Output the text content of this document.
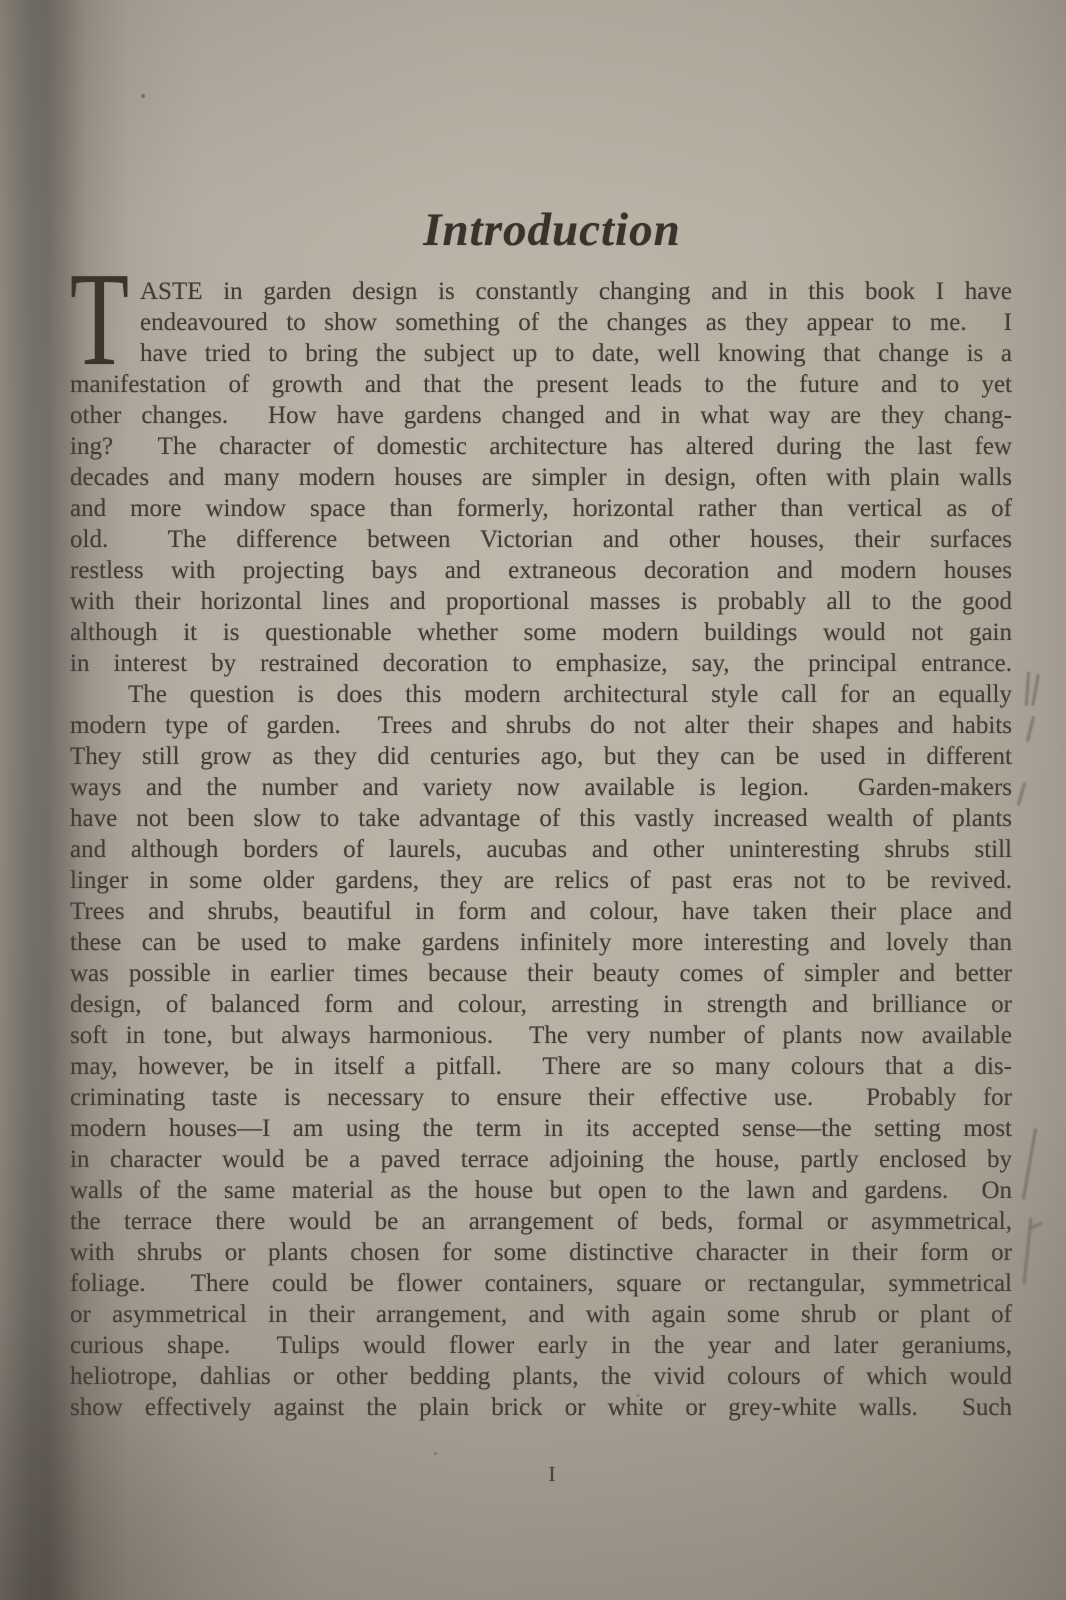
Introduction
T ASTE in garden design is constantly changing and in this book I have
endeavoured to show something of the changes as they appear to me.  I
have tried to bring the subject up to date, well knowing that change is a
manifestation of growth and that the present leads to the future and to yet
other changes.  How have gardens changed and in what way are they chang-
ing?  The character of domestic architecture has altered during the last few
decades and many modern houses are simpler in design, often with plain walls
and more window space than formerly, horizontal rather than vertical as of
old.  The difference between Victorian and other houses, their surfaces
restless with projecting bays and extraneous decoration and modern houses
with their horizontal lines and proportional masses is probably all to the good
although it is questionable whether some modern buildings would not gain
in interest by restrained decoration to emphasize, say, the principal entrance.
The question is does this modern architectural style call for an equally
modern type of garden.  Trees and shrubs do not alter their shapes and habits
They still grow as they did centuries ago, but they can be used in different
ways and the number and variety now available is legion.  Garden-makers
have not been slow to take advantage of this vastly increased wealth of plants
and although borders of laurels, aucubas and other uninteresting shrubs still
linger in some older gardens, they are relics of past eras not to be revived.
Trees and shrubs, beautiful in form and colour, have taken their place and
these can be used to make gardens infinitely more interesting and lovely than
was possible in earlier times because their beauty comes of simpler and better
design, of balanced form and colour, arresting in strength and brilliance or
soft in tone, but always harmonious.  The very number of plants now available
may, however, be in itself a pitfall.  There are so many colours that a dis-
criminating taste is necessary to ensure their effective use.  Probably for
modern houses—I am using the term in its accepted sense—the setting most
in character would be a paved terrace adjoining the house, partly enclosed by
walls of the same material as the house but open to the lawn and gardens.  On
the terrace there would be an arrangement of beds, formal or asymmetrical,
with shrubs or plants chosen for some distinctive character in their form or
foliage.  There could be flower containers, square or rectangular, symmetrical
or asymmetrical in their arrangement, and with again some shrub or plant of
curious shape.  Tulips would flower early in the year and later geraniums,
heliotrope, dahlias or other bedding plants, the vivid colours of which would
show effectively against the plain brick or white or grey-white walls.  Such
I
